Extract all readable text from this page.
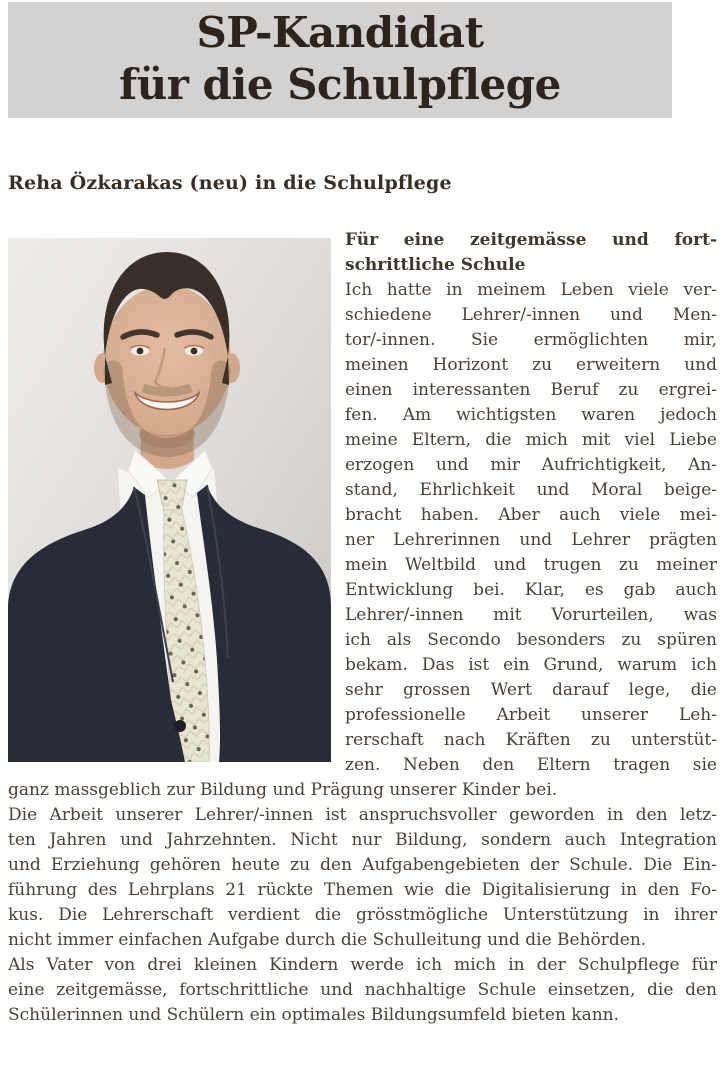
SP-Kandidat
für die Schulpflege
Reha Özkarakas (neu) in die Schulpflege
Für eine zeitgemässe und fort-
schrittliche Schule
Ich hatte in meinem Leben viele ver-
schiedene Lehrer/-innen und Men-
tor/-innen. Sie ermöglichten mir,
meinen Horizont zu erweitern und
einen interessanten Beruf zu ergrei-
fen. Am wichtigsten waren jedoch
meine Eltern, die mich mit viel Liebe
erzogen und mir Aufrichtigkeit, An-
stand, Ehrlichkeit und Moral beige-
bracht haben. Aber auch viele mei-
ner Lehrerinnen und Lehrer prägten
mein Weltbild und trugen zu meiner
Entwicklung bei. Klar, es gab auch
Lehrer/-innen mit Vorurteilen, was
ich als Secondo besonders zu spüren
bekam. Das ist ein Grund, warum ich
sehr grossen Wert darauf lege, die
professionelle Arbeit unserer Leh-
rerschaft nach Kräften zu unterstüt-
zen. Neben den Eltern tragen sie
ganz massgeblich zur Bildung und Prägung unserer Kinder bei.
Die Arbeit unserer Lehrer/-innen ist anspruchsvoller geworden in den letz-
ten Jahren und Jahrzehnten. Nicht nur Bildung, sondern auch Integration
und Erziehung gehören heute zu den Aufgabengebieten der Schule. Die Ein-
führung des Lehrplans 21 rückte Themen wie die Digitalisierung in den Fo-
kus. Die Lehrerschaft verdient die grösstmögliche Unterstützung in ihrer
nicht immer einfachen Aufgabe durch die Schulleitung und die Behörden.
Als Vater von drei kleinen Kindern werde ich mich in der Schulpflege für
eine zeitgemässe, fortschrittliche und nachhaltige Schule einsetzen, die den
Schülerinnen und Schülern ein optimales Bildungsumfeld bieten kann.
